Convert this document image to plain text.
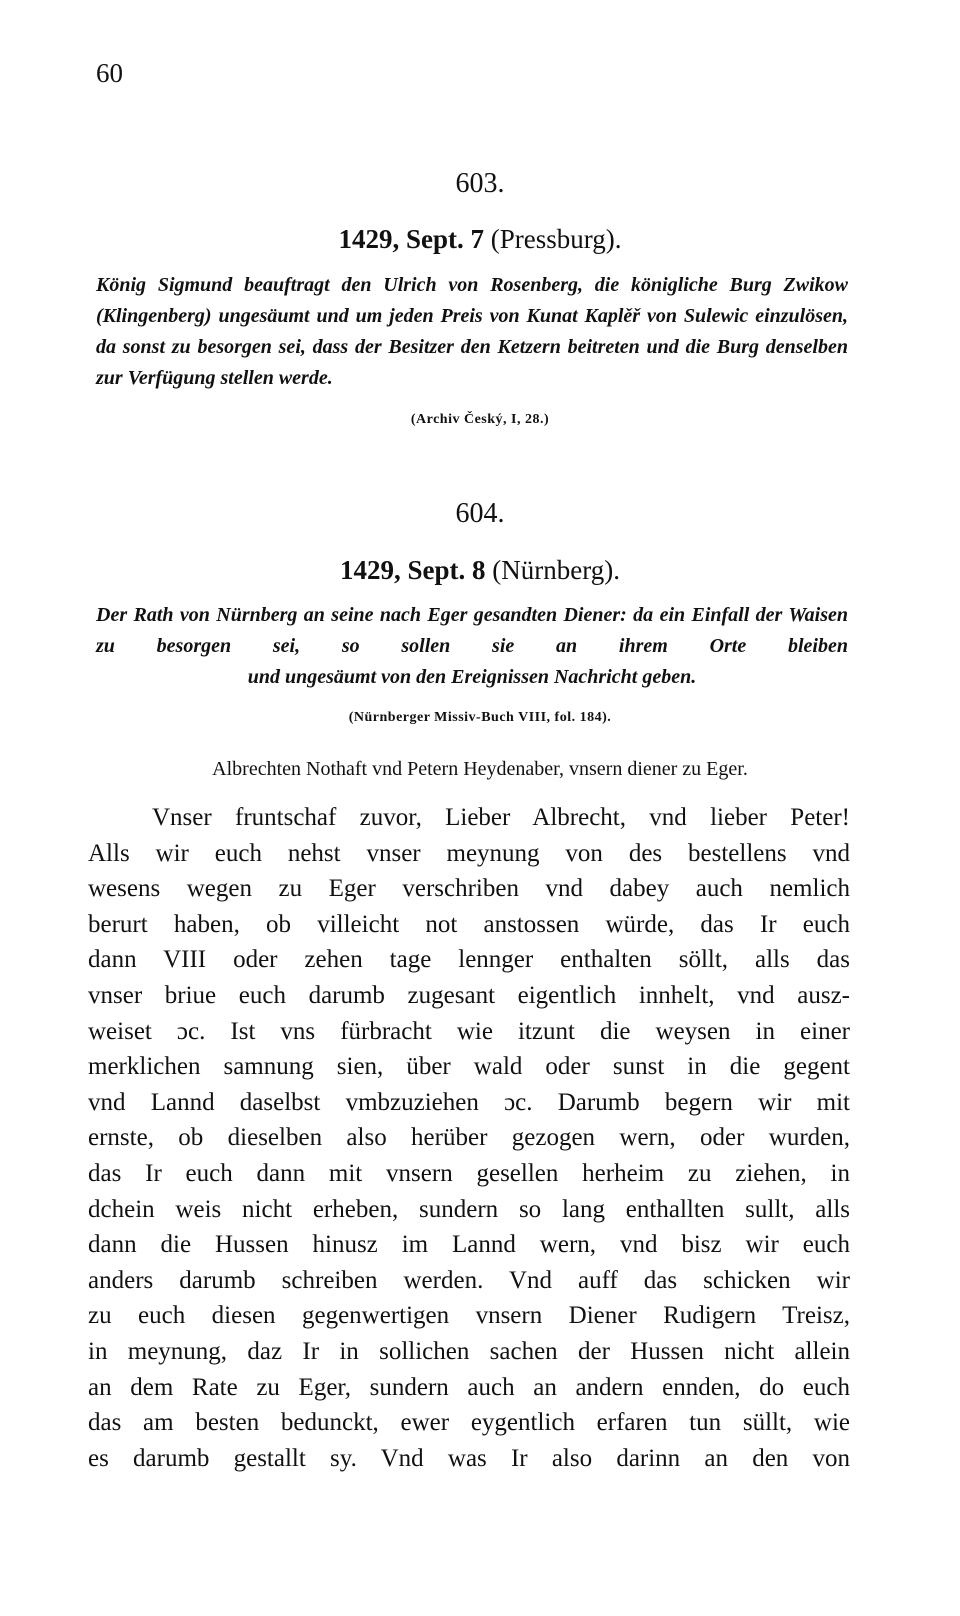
60
603.
1429, Sept. 7 (Pressburg).
König Sigmund beauftragt den Ulrich von Rosenberg, die königliche Burg Zwikow (Klingenberg) ungesäumt und um jeden Preis von Kunat Kaplěř von Sulewic einzulösen, da sonst zu besorgen sei, dass der Besitzer den Ketzern beitreten und die Burg denselben zur Verfügung stellen werde.
(Archiv Český, I, 28.)
604.
1429, Sept. 8 (Nürnberg).
Der Rath von Nürnberg an seine nach Eger gesandten Diener: da ein Einfall der Waisen zu besorgen sei, so sollen sie an ihrem Orte bleiben
und ungesäumt von den Ereignissen Nachricht geben.
(Nürnberger Missiv-Buch VIII, fol. 184).
Albrechten Nothaft vnd Petern Heydenaber, vnsern diener zu Eger.
Vnser fruntschaf zuvor, Lieber Albrecht, vnd lieber Peter!
Alls wir euch nehst vnser meynung von des bestellens vnd
wesens wegen zu Eger verschriben vnd dabey auch nemlich
berurt haben, ob villeicht not anstossen würde, das Ir euch
dann VIII oder zehen tage lennger enthalten söllt, alls das
vnser briue euch darumb zugesant eigentlich innhelt, vnd ausz-
weiset ɔc. Ist vns fürbracht wie itzunt die weysen in einer
merklichen samnung sien, über wald oder sunst in die gegent
vnd Lannd daselbst vmbzuziehen ɔc. Darumb begern wir mit
ernste, ob dieselben also herüber gezogen wern, oder wurden,
das Ir euch dann mit vnsern gesellen herheim zu ziehen, in
dchein weis nicht erheben, sundern so lang enthallten sullt, alls
dann die Hussen hinusz im Lannd wern, vnd bisz wir euch
anders darumb schreiben werden. Vnd auff das schicken wir
zu euch diesen gegenwertigen vnsern Diener Rudigern Treisz,
in meynung, daz Ir in sollichen sachen der Hussen nicht allein
an dem Rate zu Eger, sundern auch an andern ennden, do euch
das am besten bedunckt, ewer eygentlich erfaren tun süllt, wie
es darumb gestallt sy. Vnd was Ir also darinn an den von
